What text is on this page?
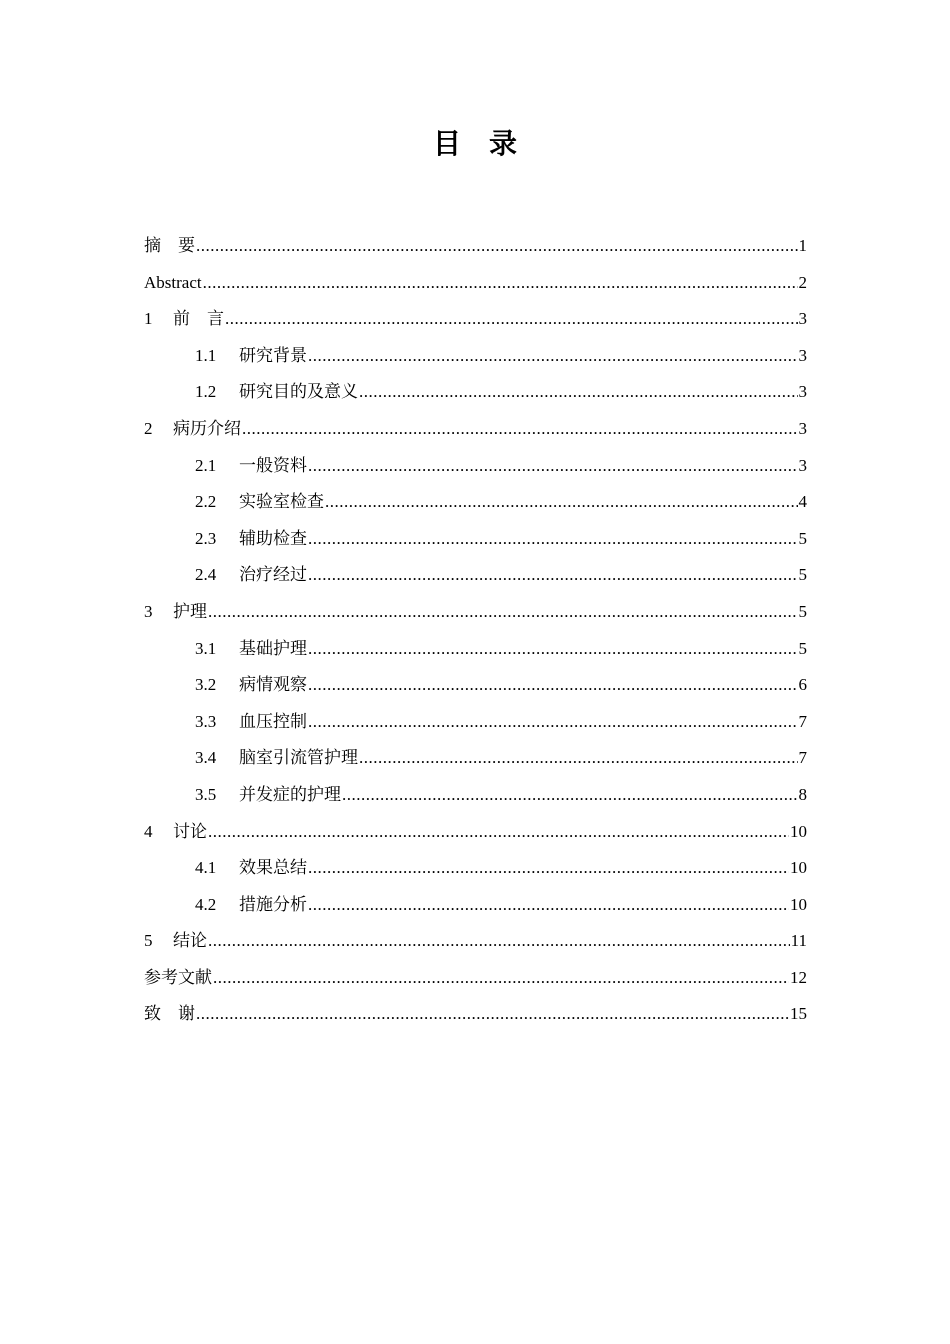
目　录
摘　要 .....	1
Abstract .....	2
1	前　言 .....	3
1.1	研究背景 .....	3
1.2	研究目的及意义 .....	3
2	病历介绍 .....	3
2.1	一般资料 .....	3
2.2	实验室检查 .....	4
2.3	辅助检查 .....	5
2.4	治疗经过 .....	5
3	护理 .....	5
3.1	基础护理 .....	5
3.2	病情观察 .....	6
3.3	血压控制 .....	7
3.4	脑室引流管护理 .....	7
3.5	并发症的护理 .....	8
4	讨论 .....	10
4.1	效果总结 .....	10
4.2	措施分析 .....	10
5	结论 .....	11
参考文献 .....	12
致　谢 .....	15
